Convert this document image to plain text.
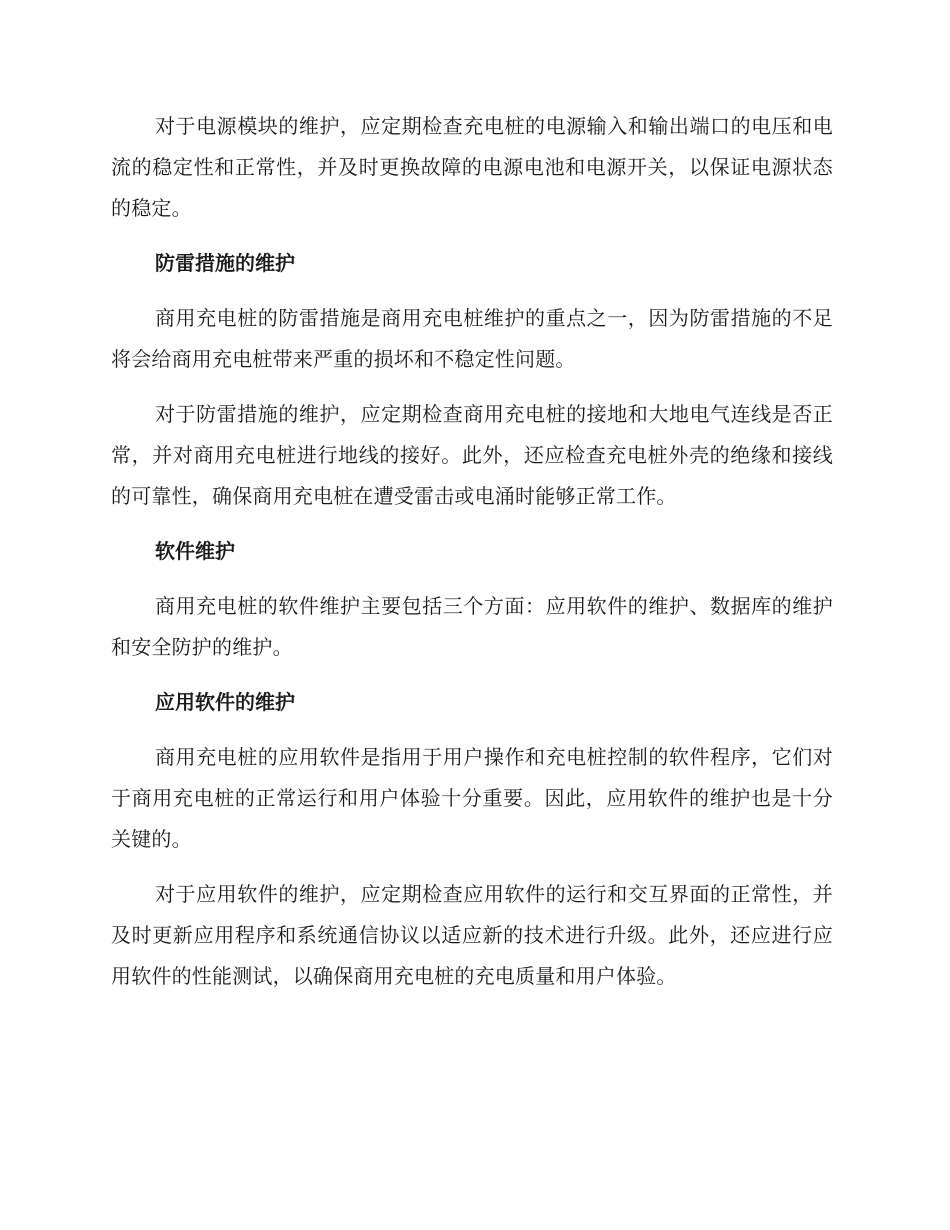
对于电源模块的维护，应定期检查充电桩的电源输入和输出端口的电压和电流的稳定性和正常性，并及时更换故障的电源电池和电源开关，以保证电源状态的稳定。

防雷措施的维护

商用充电桩的防雷措施是商用充电桩维护的重点之一，因为防雷措施的不足将会给商用充电桩带来严重的损坏和不稳定性问题。

对于防雷措施的维护，应定期检查商用充电桩的接地和大地电气连线是否正常，并对商用充电桩进行地线的接好。此外，还应检查充电桩外壳的绝缘和接线的可靠性，确保商用充电桩在遭受雷击或电涌时能够正常工作。

软件维护

商用充电桩的软件维护主要包括三个方面：应用软件的维护、数据库的维护和安全防护的维护。

应用软件的维护

商用充电桩的应用软件是指用于用户操作和充电桩控制的软件程序，它们对于商用充电桩的正常运行和用户体验十分重要。因此，应用软件的维护也是十分关键的。

对于应用软件的维护，应定期检查应用软件的运行和交互界面的正常性，并及时更新应用程序和系统通信协议以适应新的技术进行升级。此外，还应进行应用软件的性能测试，以确保商用充电桩的充电质量和用户体验。
